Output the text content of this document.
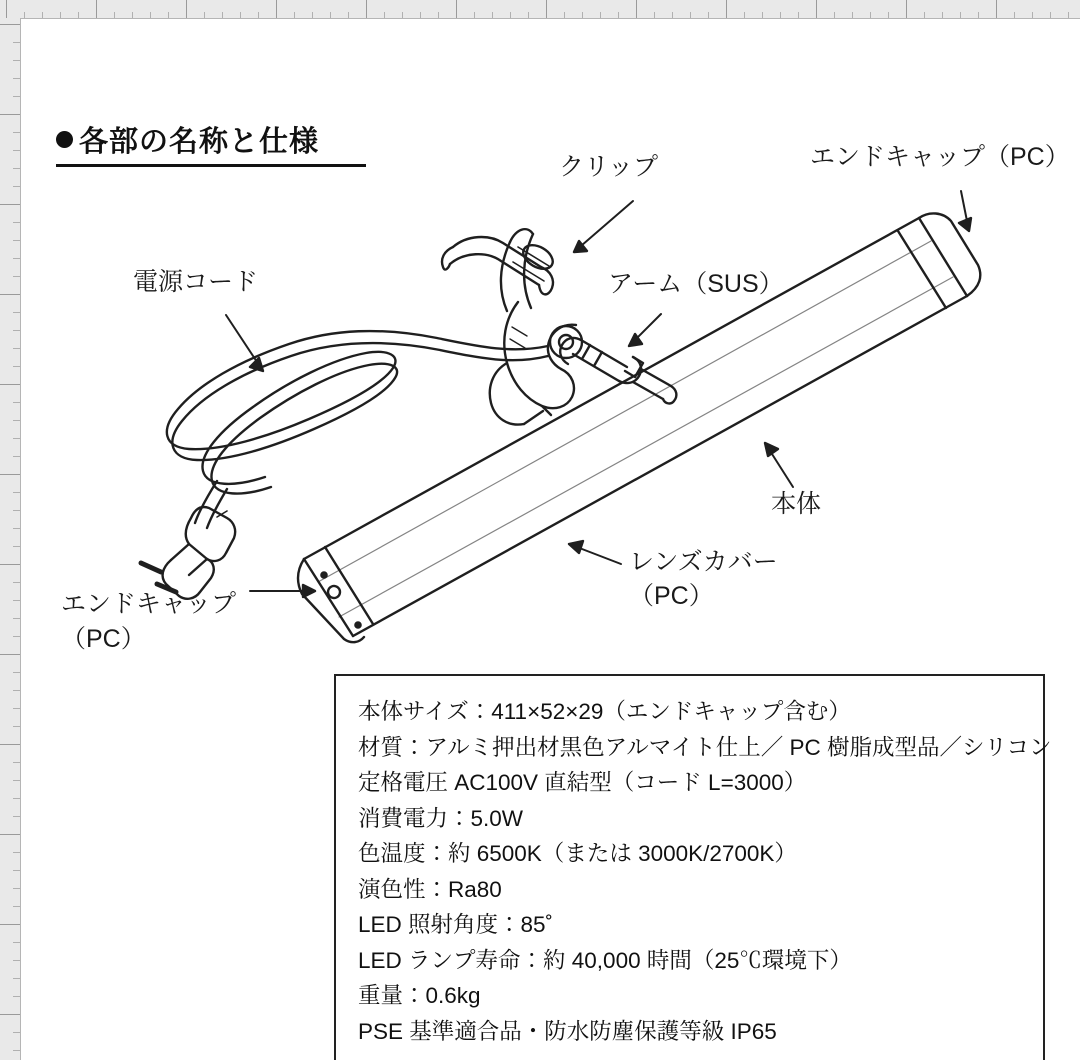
各部の名称と仕様
クリップ	エンドキャップ（PC）
電源コード	アーム（SUS）
本体
レンズカバー
（PC）
エンドキャップ
（PC）
本体サイズ：411×52×29（エンドキャップ含む）
材質：アルミ押出材黒色アルマイト仕上／ PC 樹脂成型品／シリコン
定格電圧 AC100V 直結型（コード L=3000）
消費電力：5.0W
色温度：約 6500K（または 3000K/2700K）
演色性：Ra80
LED 照射角度：85˚
LED ランプ寿命：約 40,000 時間（25℃環境下）
重量：0.6kg
PSE 基準適合品・防水防塵保護等級 IP65
